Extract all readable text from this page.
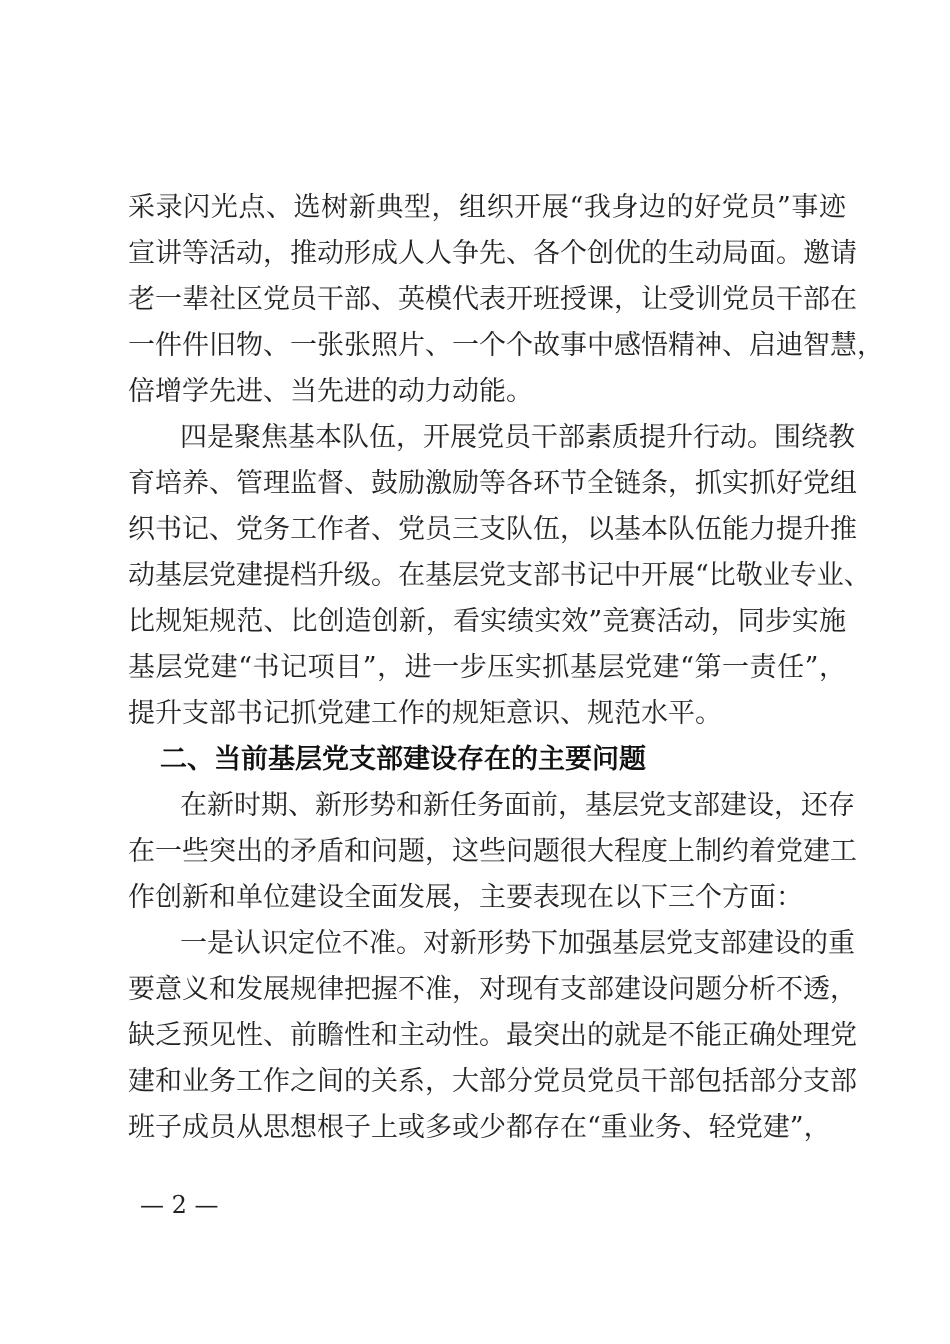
采录闪光点、选树新典型，组织开展“我身边的好党员”事迹
宣讲等活动，推动形成人人争先、各个创优的生动局面。邀请
老一辈社区党员干部、英模代表开班授课，让受训党员干部在
一件件旧物、一张张照片、一个个故事中感悟精神、启迪智慧，
倍增学先进、当先进的动力动能。
四是聚焦基本队伍，开展党员干部素质提升行动。围绕教
育培养、管理监督、鼓励激励等各环节全链条，抓实抓好党组
织书记、党务工作者、党员三支队伍，以基本队伍能力提升推
动基层党建提档升级。在基层党支部书记中开展“比敬业专业、
比规矩规范、比创造创新，看实绩实效”竞赛活动，同步实施
基层党建“书记项目”，进一步压实抓基层党建“第一责任”，
提升支部书记抓党建工作的规矩意识、规范水平。
二、当前基层党支部建设存在的主要问题
在新时期、新形势和新任务面前，基层党支部建设，还存
在一些突出的矛盾和问题，这些问题很大程度上制约着党建工
作创新和单位建设全面发展，主要表现在以下三个方面：
一是认识定位不准。对新形势下加强基层党支部建设的重
要意义和发展规律把握不准，对现有支部建设问题分析不透，
缺乏预见性、前瞻性和主动性。最突出的就是不能正确处理党
建和业务工作之间的关系，大部分党员党员干部包括部分支部
班子成员从思想根子上或多或少都存在“重业务、轻党建”，
— 2 —
